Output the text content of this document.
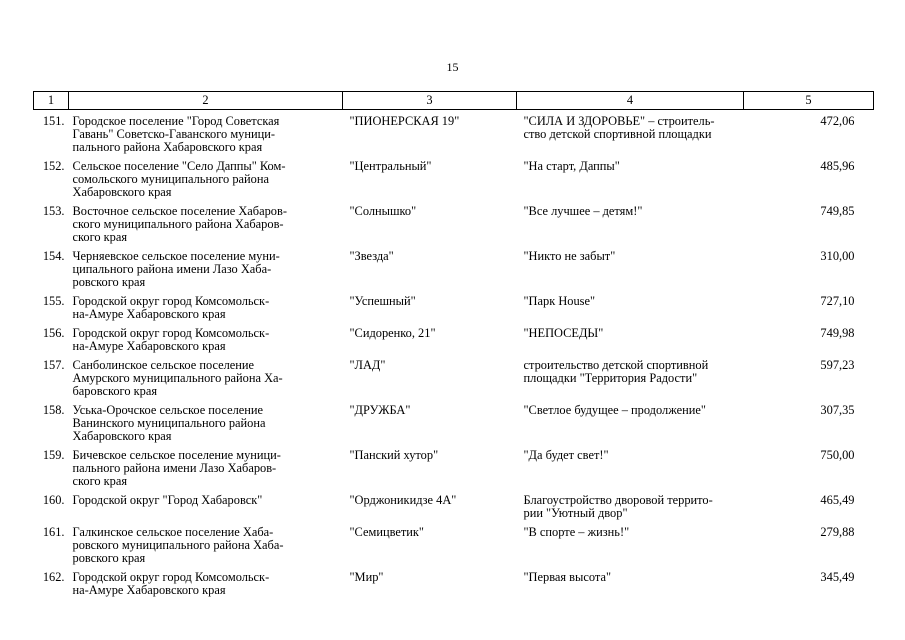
15
1	2	3	4	5
151.	Городское поселение "Город Советская
Гавань" Советско-Гаванского муници-
пального района Хабаровского края	"ПИОНЕРСКАЯ 19"	"СИЛА И ЗДОРОВЬЕ" – строитель-
ство детской спортивной площадки	472,06
152.	Сельское поселение "Село Даппы" Ком-
сомольского муниципального района
Хабаровского края	"Центральный"	"На старт, Даппы"	485,96
153.	Восточное сельское поселение Хабаров-
ского муниципального района Хабаров-
ского края	"Солнышко"	"Все лучшее – детям!"	749,85
154.	Черняевское сельское поселение муни-
ципального района имени Лазо Хаба-
ровского края	"Звезда"	"Никто не забыт"	310,00
155.	Городской округ город Комсомольск-
на-Амуре Хабаровского края	"Успешный"	"Парк House"	727,10
156.	Городской округ город Комсомольск-
на-Амуре Хабаровского края	"Сидоренко, 21"	"НЕПОСЕДЫ"	749,98
157.	Санболинское сельское поселение
Амурского муниципального района Ха-
баровского края	"ЛАД"	строительство детской спортивной
площадки "Территория Радости"	597,23
158.	Уська-Орочское сельское поселение
Ванинского муниципального района
Хабаровского края	"ДРУЖБА"	"Светлое будущее – продолжение"	307,35
159.	Бичевское сельское поселение муници-
пального района имени Лазо Хабаров-
ского края	"Панский хутор"	"Да будет свет!"	750,00
160.	Городской округ "Город Хабаровск"	"Орджоникидзе 4А"	Благоустройство дворовой террито-
рии "Уютный двор"	465,49
161.	Галкинское сельское поселение Хаба-
ровского муниципального района Хаба-
ровского края	"Семицветик"	"В спорте – жизнь!"	279,88
162.	Городской округ город Комсомольск-
на-Амуре Хабаровского края	"Мир"	"Первая высота"	345,49
